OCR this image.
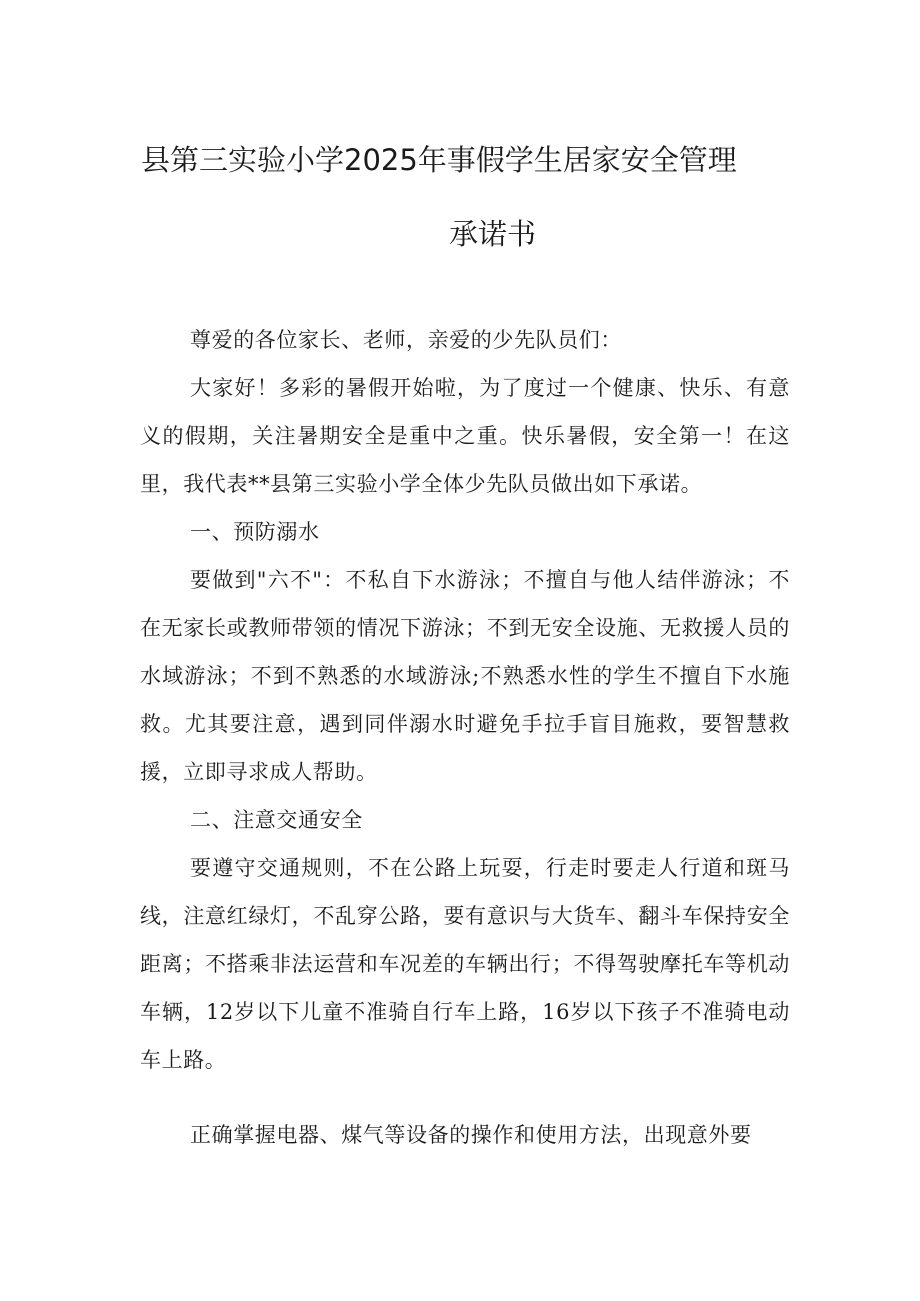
县第三实验小学2025年事假学生居家安全管理
承诺书

尊爱的各位家长、老师，亲爱的少先队员们：

大家好！多彩的暑假开始啦，为了度过一个健康、快乐、有意义的假期，关注暑期安全是重中之重。快乐暑假，安全第一！在这里，我代表**县第三实验小学全体少先队员做出如下承诺。

一、预防溺水

要做到"六不"：不私自下水游泳；不擅自与他人结伴游泳；不在无家长或教师带领的情况下游泳；不到无安全设施、无救援人员的水域游泳；不到不熟悉的水域游泳;不熟悉水性的学生不擅自下水施救。尤其要注意，遇到同伴溺水时避免手拉手盲目施救，要智慧救援，立即寻求成人帮助。

二、注意交通安全

要遵守交通规则，不在公路上玩耍，行走时要走人行道和斑马线，注意红绿灯，不乱穿公路，要有意识与大货车、翻斗车保持安全距离；不搭乘非法运营和车况差的车辆出行；不得驾驶摩托车等机动车辆，12岁以下儿童不准骑自行车上路，16岁以下孩子不准骑电动车上路。

正确掌握电器、煤气等设备的操作和使用方法，出现意外要
